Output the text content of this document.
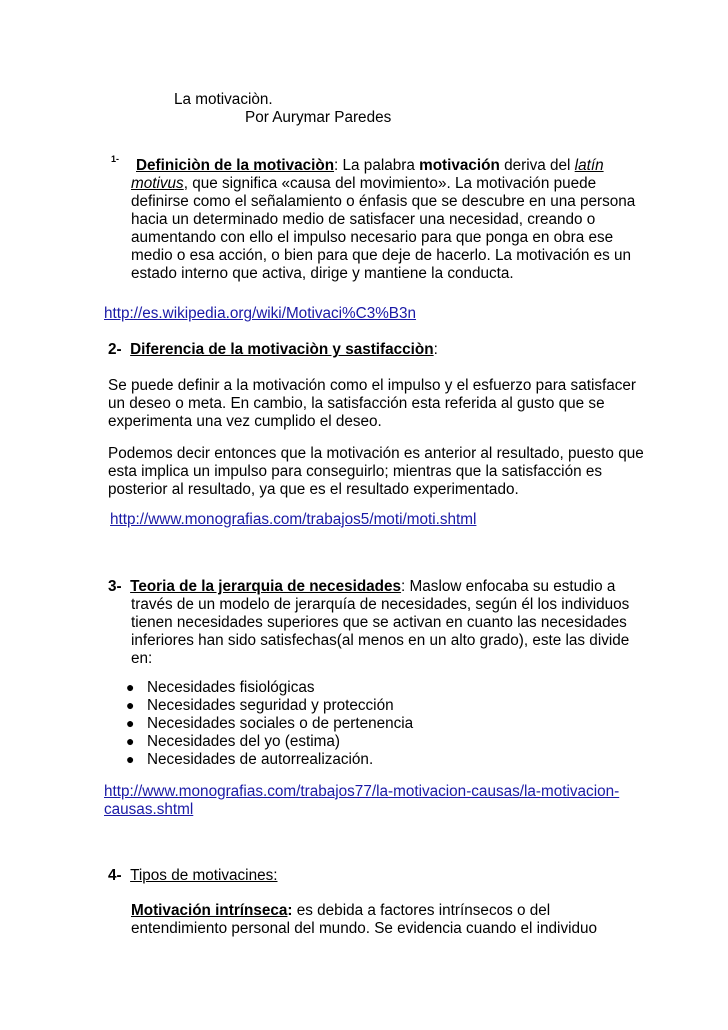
La motivaciòn.
Por Aurymar Paredes
1- Definiciòn de la motivaciòn: La palabra motivación deriva del latín
motivus, que significa «causa del movimiento». La motivación puede
definirse como el señalamiento o énfasis que se descubre en una persona
hacia un determinado medio de satisfacer una necesidad, creando o
aumentando con ello el impulso necesario para que ponga en obra ese
medio o esa acción, o bien para que deje de hacerlo. La motivación es un
estado interno que activa, dirige y mantiene la conducta.
http://es.wikipedia.org/wiki/Motivaci%C3%B3n
2- Diferencia de la motivaciòn y sastifacciòn:
Se puede definir a la motivación como el impulso y el esfuerzo para satisfacer
un deseo o meta. En cambio, la satisfacción esta referida al gusto que se
experimenta una vez cumplido el deseo.
Podemos decir entonces que la motivación es anterior al resultado, puesto que
esta implica un impulso para conseguirlo; mientras que la satisfacción es
posterior al resultado, ya que es el resultado experimentado.
http://www.monografias.com/trabajos5/moti/moti.shtml
3- Teoria de la jerarquia de necesidades: Maslow enfocaba su estudio a
través de un modelo de jerarquía de necesidades, según él los individuos
tienen necesidades superiores que se activan en cuanto las necesidades
inferiores han sido satisfechas(al menos en un alto grado), este las divide
en:
● Necesidades fisiológicas
● Necesidades seguridad y protección
● Necesidades sociales o de pertenencia
● Necesidades del yo (estima)
● Necesidades de autorrealización.
http://www.monografias.com/trabajos77/la-motivacion-causas/la-motivacion-
causas.shtml
4- Tipos de motivacines:
Motivación intrínseca: es debida a factores intrínsecos o del
entendimiento personal del mundo. Se evidencia cuando el individuo
